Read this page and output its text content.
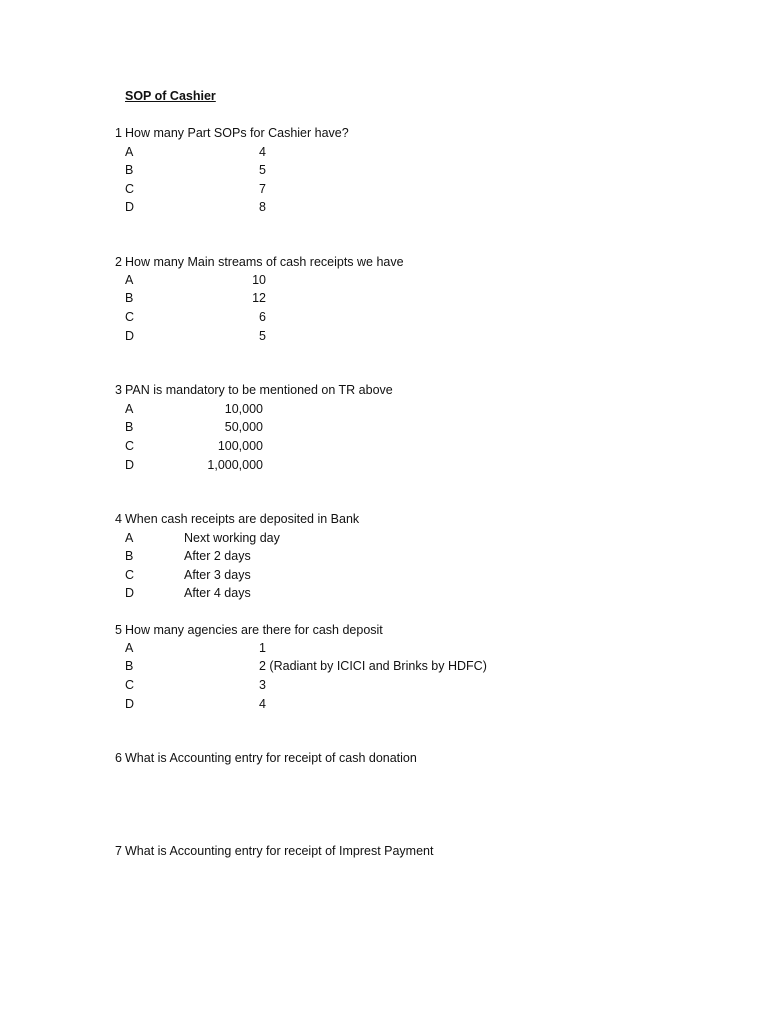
SOP of Cashier
1 How many Part SOPs for Cashier have?
A	4
B	5
C	7
D	8
2 How many Main streams of cash receipts we have
A	10
B	12
C	6
D	5
3 PAN is mandatory to be mentioned on TR above
A	10,000
B	50,000
C	100,000
D	1,000,000
4 When cash receipts are deposited in Bank
A	Next working day
B	After 2 days
C	After 3 days
D	After 4 days
5 How many agencies are there for cash deposit
A	1
B	2 (Radiant by ICICI and Brinks by HDFC)
C	3
D	4
6 What is Accounting entry for receipt of cash donation
7 What is Accounting entry for receipt of Imprest Payment
